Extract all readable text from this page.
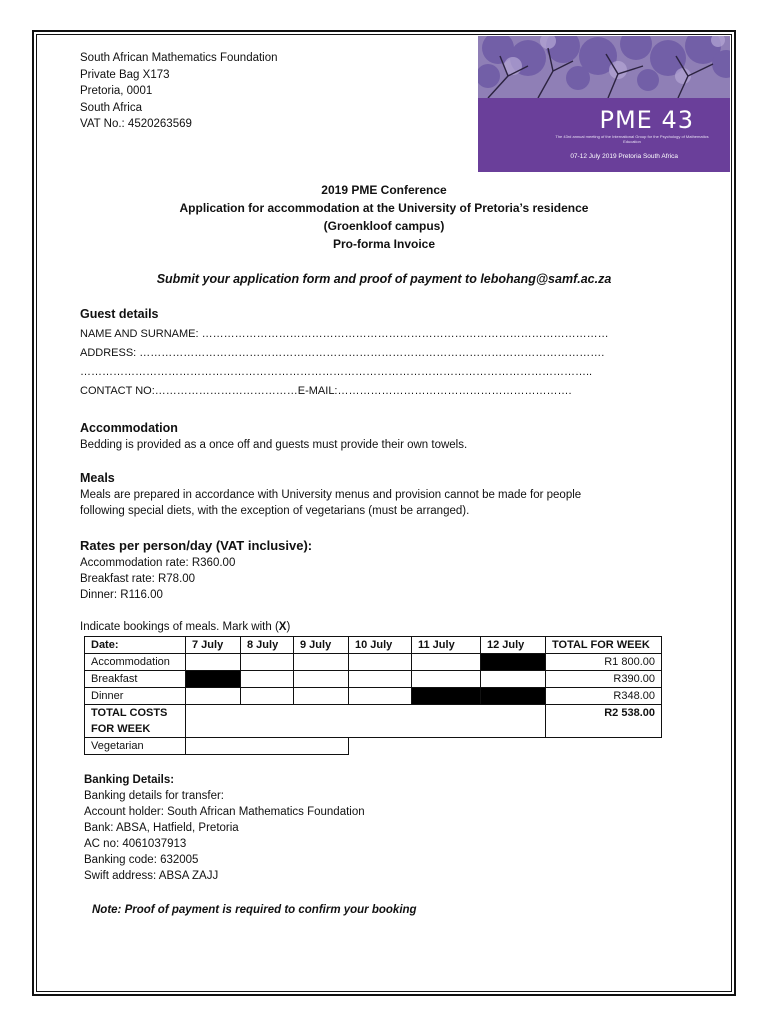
South African Mathematics Foundation
Private Bag X173
Pretoria, 0001
South Africa
VAT No.: 4520263569	PME 43
The 43rd annual meeting of the International Group for the Psychology of Mathematics Education
07-12 July 2019 Pretoria South Africa
2019 PME Conference
Application for accommodation at the University of Pretoria’s residence
(Groenkloof campus)
Pro-forma Invoice
Submit your application form and proof of payment to lebohang@samf.ac.za
Guest details
NAME AND SURNAME: …………………………………………………………………………………………………
ADDRESS: ……………………………………………………………………………………………………………….
…………………………………………………………………………………………………………………………..
CONTACT NO:…………………………………E-MAIL:……………………………………………………….
Accommodation
Bedding is provided as a once off and guests must provide their own towels.
Meals
Meals are prepared in accordance with University menus and provision cannot be made for people
following special diets, with the exception of vegetarians (must be arranged).
Rates per person/day (VAT inclusive):
Accommodation rate: R360.00
Breakfast rate: R78.00
Dinner: R116.00
Indicate bookings of meals. Mark with (X)
Date:	7 July	8 July	9 July	10 July	11 July	12 July	TOTAL FOR WEEK
Accommodation							R1 800.00
Breakfast							R390.00
Dinner							R348.00
TOTAL COSTS
FOR WEEK							R2 538.00
Vegetarian							
Banking Details:
Banking details for transfer:
Account holder: South African Mathematics Foundation
Bank: ABSA, Hatfield, Pretoria
AC no: 4061037913
Banking code: 632005
Swift address: ABSA ZAJJ
Note: Proof of payment is required to confirm your booking
